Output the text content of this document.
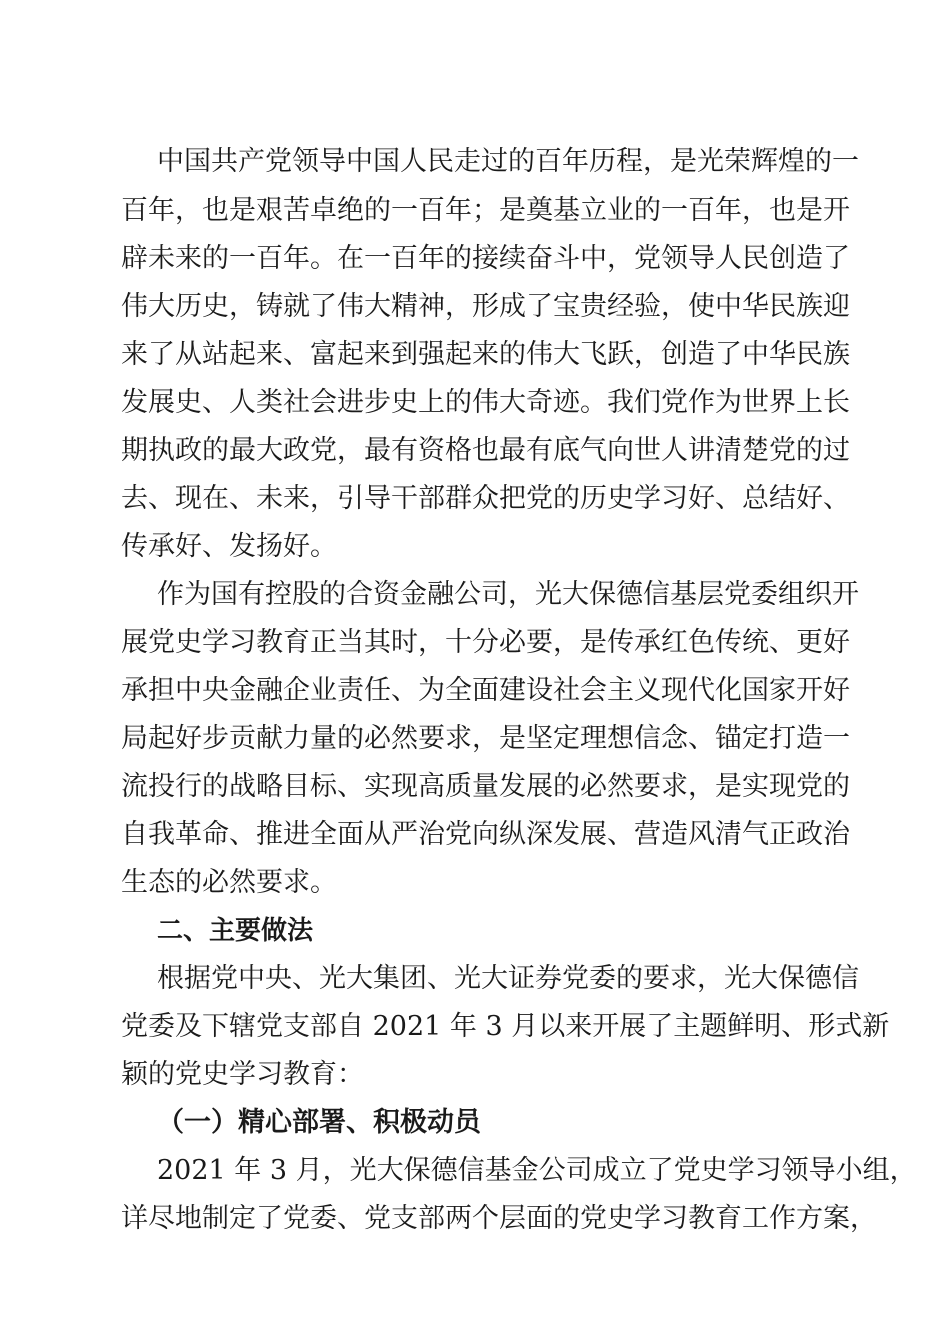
中国共产党领导中国人民走过的百年历程，是光荣辉煌的一

百年，也是艰苦卓绝的一百年；是奠基立业的一百年，也是开

辟未来的一百年。在一百年的接续奋斗中，党领导人民创造了

伟大历史，铸就了伟大精神，形成了宝贵经验，使中华民族迎

来了从站起来、富起来到强起来的伟大飞跃，创造了中华民族

发展史、人类社会进步史上的伟大奇迹。我们党作为世界上长

期执政的最大政党，最有资格也最有底气向世人讲清楚党的过

去、现在、未来，引导干部群众把党的历史学习好、总结好、

传承好、发扬好。

作为国有控股的合资金融公司，光大保德信基层党委组织开

展党史学习教育正当其时，十分必要，是传承红色传统、更好

承担中央金融企业责任、为全面建设社会主义现代化国家开好

局起好步贡献力量的必然要求，是坚定理想信念、锚定打造一

流投行的战略目标、实现高质量发展的必然要求，是实现党的

自我革命、推进全面从严治党向纵深发展、营造风清气正政治

生态的必然要求。

二、主要做法

根据党中央、光大集团、光大证券党委的要求，光大保德信

党委及下辖党支部自 2021 年 3 月以来开展了主题鲜明、形式新

颖的党史学习教育：

（一）精心部署、积极动员

2021 年 3 月，光大保德信基金公司成立了党史学习领导小组，

详尽地制定了党委、党支部两个层面的党史学习教育工作方案，
